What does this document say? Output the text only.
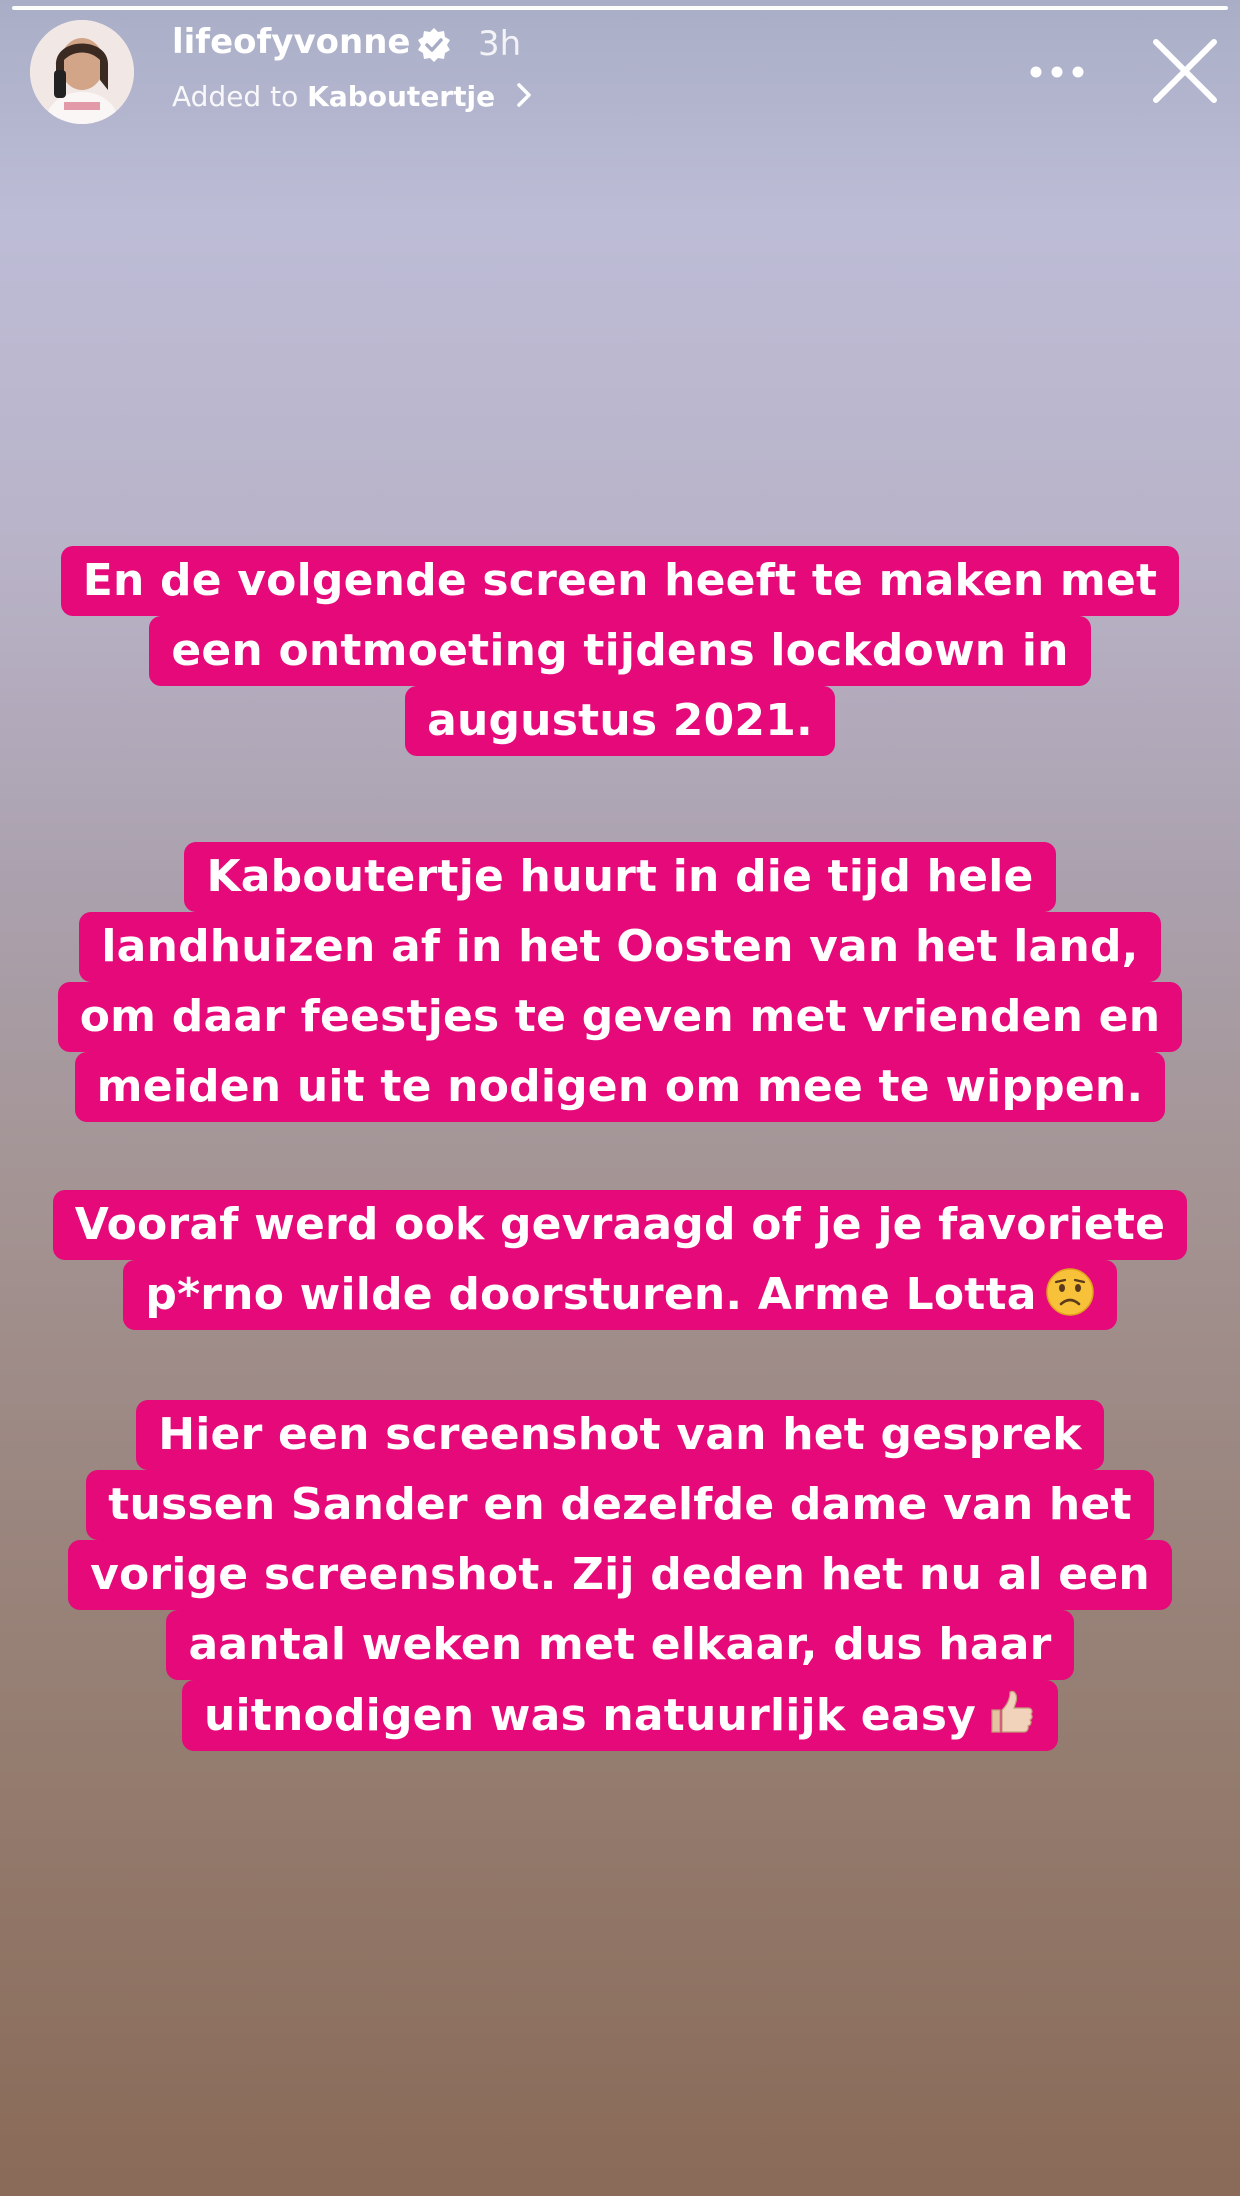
lifeofyvonne 3h
Added to Kaboutertje
En de volgende screen heeft te maken met
een ontmoeting tijdens lockdown in
augustus 2021.
Kaboutertje huurt in die tijd hele
landhuizen af in het Oosten van het land,
om daar feestjes te geven met vrienden en
meiden uit te nodigen om mee te wippen.
Vooraf werd ook gevraagd of je je favoriete
p*rno wilde doorsturen. Arme Lotta
Hier een screenshot van het gesprek
tussen Sander en dezelfde dame van het
vorige screenshot. Zij deden het nu al een
aantal weken met elkaar, dus haar
uitnodigen was natuurlijk easy
